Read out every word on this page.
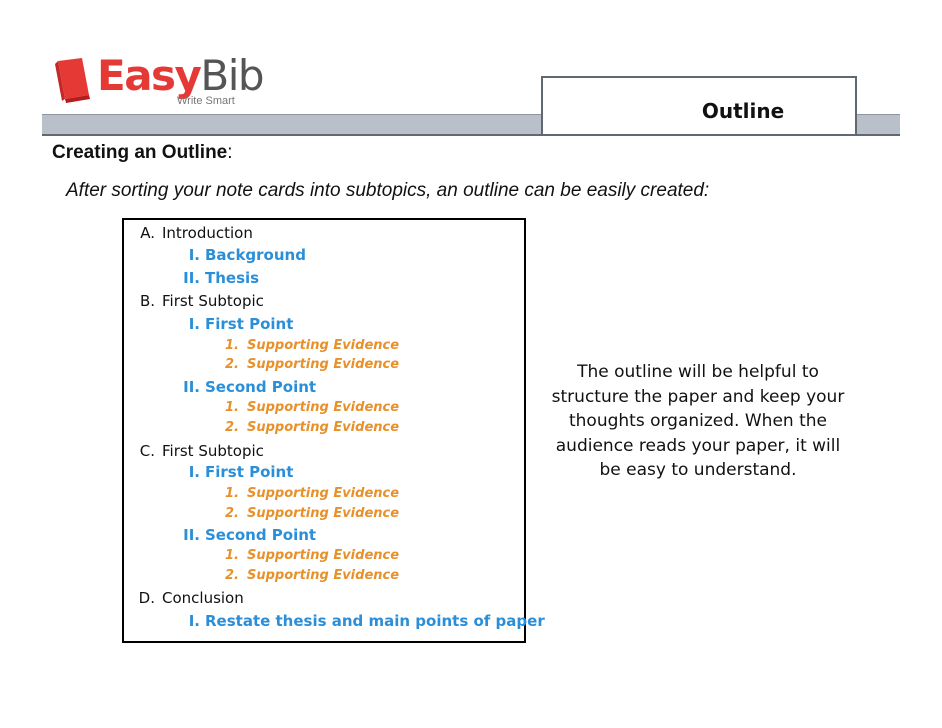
EasyBib
Write Smart	Outline
Creating an Outline:
After sorting your note cards into subtopics, an outline can be easily created:
A. Introduction
I. Background
II. Thesis
B. First Subtopic
I. First Point
1. Supporting Evidence
2. Supporting Evidence
II. Second Point
1. Supporting Evidence
2. Supporting Evidence
C. First Subtopic
I. First Point
1. Supporting Evidence
2. Supporting Evidence
II. Second Point
1. Supporting Evidence
2. Supporting Evidence
D. Conclusion
I. Restate thesis and main points of paper
The outline will be helpful to structure the paper and keep your thoughts organized. When the audience reads your paper, it will be easy to understand.
